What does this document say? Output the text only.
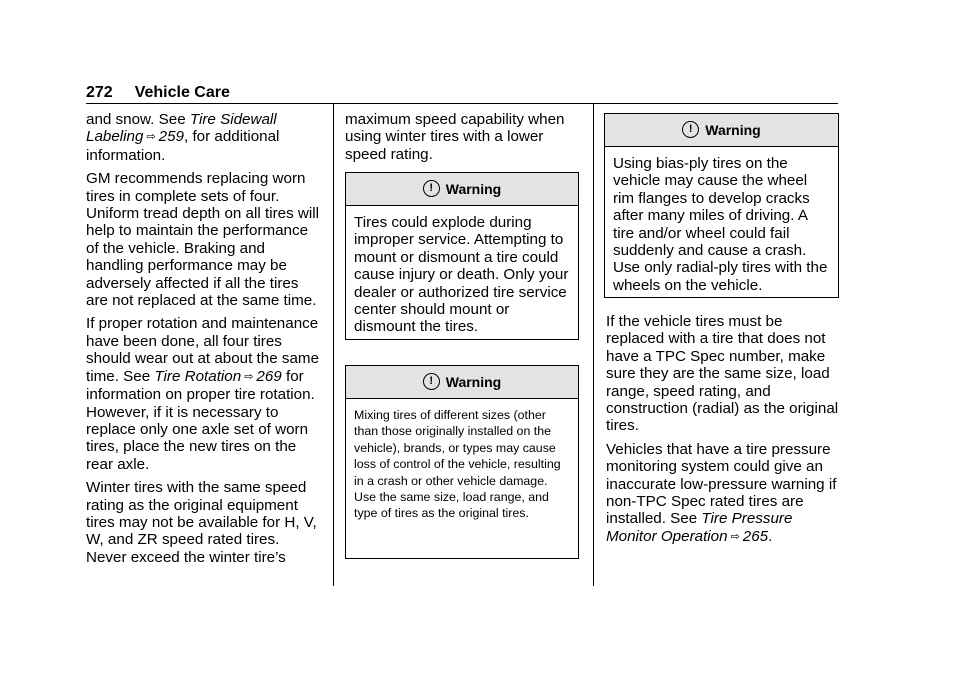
272 Vehicle Care

and snow. See Tire Sidewall Labeling ⇨ 259, for additional information.

GM recommends replacing worn tires in complete sets of four. Uniform tread depth on all tires will help to maintain the performance of the vehicle. Braking and handling performance may be adversely affected if all the tires are not replaced at the same time.

If proper rotation and maintenance have been done, all four tires should wear out at about the same time. See Tire Rotation ⇨ 269 for information on proper tire rotation. However, if it is necessary to replace only one axle set of worn tires, place the new tires on the rear axle.

Winter tires with the same speed rating as the original equipment tires may not be available for H, V, W, and ZR speed rated tires. Never exceed the winter tire’s

maximum speed capability when using winter tires with a lower speed rating.

! Warning
Tires could explode during improper service. Attempting to mount or dismount a tire could cause injury or death. Only your dealer or authorized tire service center should mount or dismount the tires.
! Warning
Mixing tires of different sizes (other than those originally installed on the vehicle), brands, or types may cause loss of control of the vehicle, resulting in a crash or other vehicle damage. Use the same size, load range, and type of tires as the original tires.
! Warning
Using bias-ply tires on the vehicle may cause the wheel rim flanges to develop cracks after many miles of driving. A tire and/or wheel could fail suddenly and cause a crash. Use only radial-ply tires with the wheels on the vehicle.

If the vehicle tires must be replaced with a tire that does not have a TPC Spec number, make sure they are the same size, load range, speed rating, and construction (radial) as the original tires.

Vehicles that have a tire pressure monitoring system could give an inaccurate low-pressure warning if non-TPC Spec rated tires are installed. See Tire Pressure Monitor Operation ⇨ 265.
